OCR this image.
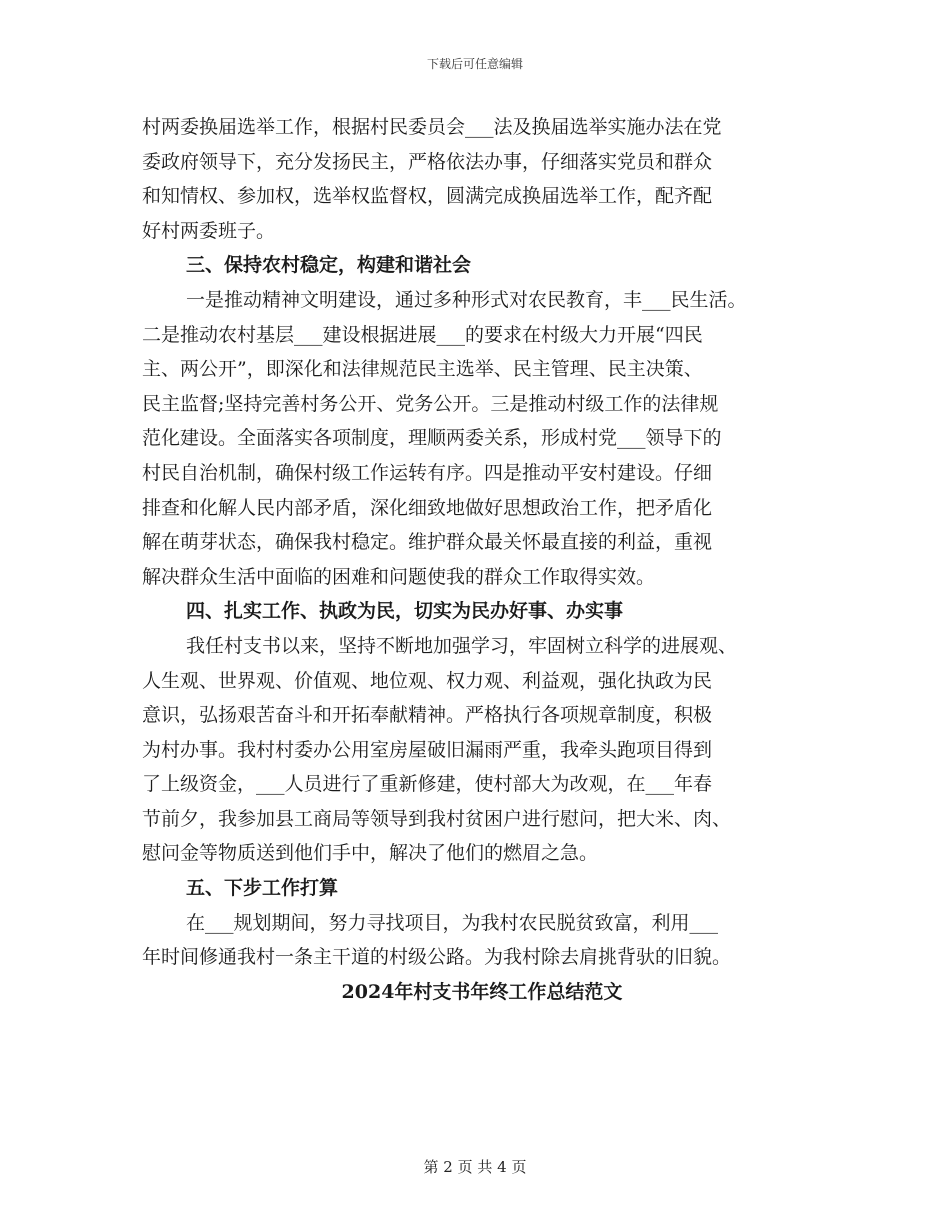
下载后可任意编辑
村两委换届选举工作，根据村民委员会___法及换届选举实施办法在党
委政府领导下，充分发扬民主，严格依法办事，仔细落实党员和群众
和知情权、参加权，选举权监督权，圆满完成换届选举工作，配齐配
好村两委班子。
三、保持农村稳定，构建和谐社会
一是推动精神文明建设，通过多种形式对农民教育，丰___民生活。
二是推动农村基层___建设根据进展___的要求在村级大力开展“四民
主、两公开”，即深化和法律规范民主选举、民主管理、民主决策、
民主监督;坚持完善村务公开、党务公开。三是推动村级工作的法律规
范化建设。全面落实各项制度，理顺两委关系，形成村党___领导下的
村民自治机制，确保村级工作运转有序。四是推动平安村建设。仔细
排查和化解人民内部矛盾，深化细致地做好思想政治工作，把矛盾化
解在萌芽状态，确保我村稳定。维护群众最关怀最直接的利益，重视
解决群众生活中面临的困难和问题使我的群众工作取得实效。
四、扎实工作、执政为民，切实为民办好事、办实事
我任村支书以来，坚持不断地加强学习，牢固树立科学的进展观、
人生观、世界观、价值观、地位观、权力观、利益观，强化执政为民
意识，弘扬艰苦奋斗和开拓奉献精神。严格执行各项规章制度，积极
为村办事。我村村委办公用室房屋破旧漏雨严重，我牵头跑项目得到
了上级资金，___人员进行了重新修建，使村部大为改观，在___年春
节前夕，我参加县工商局等领导到我村贫困户进行慰问，把大米、肉、
慰问金等物质送到他们手中，解决了他们的燃眉之急。
五、下步工作打算
在___规划期间，努力寻找项目，为我村农民脱贫致富，利用___
年时间修通我村一条主干道的村级公路。为我村除去肩挑背驮的旧貌。
2024年村支书年终工作总结范文
第 2 页 共 4 页
